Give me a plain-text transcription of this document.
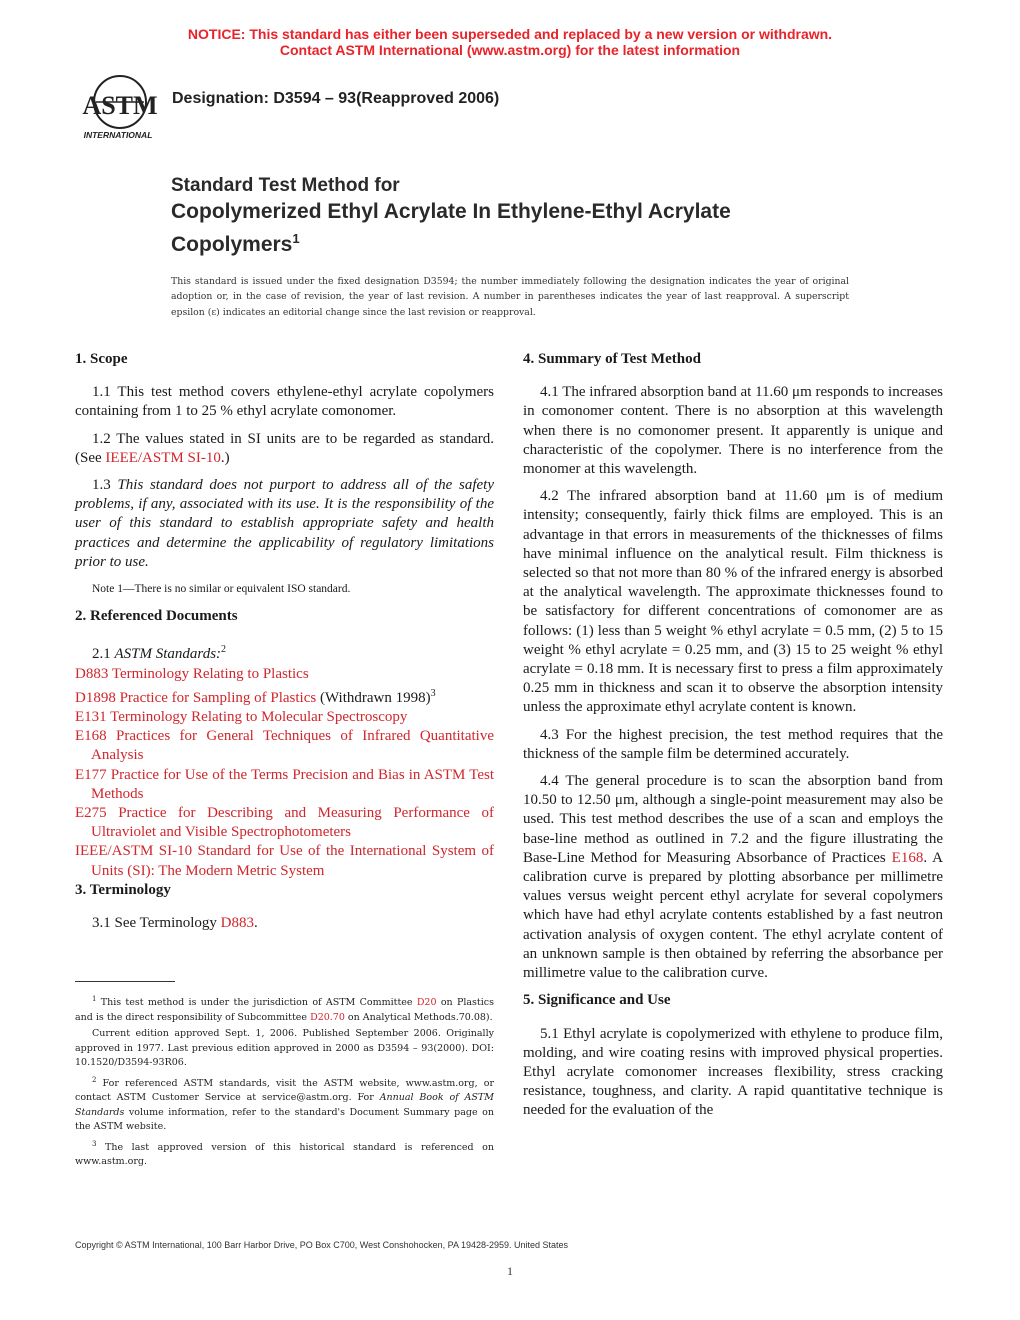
NOTICE: This standard has either been superseded and replaced by a new version or withdrawn.
Contact ASTM International (www.astm.org) for the latest information
ASTM
INTERNATIONAL
Designation: D3594 – 93(Reapproved 2006)
Standard Test Method for
Copolymerized Ethyl Acrylate In Ethylene-Ethyl Acrylate
Copolymers$^1$
This standard is issued under the fixed designation D3594; the number immediately following the designation indicates the year of original adoption or, in the case of revision, the year of last revision. A number in parentheses indicates the year of last reapproval. A superscript epsilon (ε) indicates an editorial change since the last revision or reapproval.
1. Scope

1.1 This test method covers ethylene-ethyl acrylate copolymers containing from 1 to 25 % ethyl acrylate comonomer.

1.2 The values stated in SI units are to be regarded as standard. (See IEEE/ASTM SI-10.)

1.3 This standard does not purport to address all of the safety problems, if any, associated with its use. It is the responsibility of the user of this standard to establish appropriate safety and health practices and determine the applicability of regulatory limitations prior to use.

Note 1—There is no similar or equivalent ISO standard.

2. Referenced Documents

2.1 ASTM Standards:$^2$

D883 Terminology Relating to Plastics
D1898 Practice for Sampling of Plastics (Withdrawn 1998)$^3$
E131 Terminology Relating to Molecular Spectroscopy
E168 Practices for General Techniques of Infrared Quantitative Analysis
E177 Practice for Use of the Terms Precision and Bias in ASTM Test Methods
E275 Practice for Describing and Measuring Performance of Ultraviolet and Visible Spectrophotometers
IEEE/ASTM SI-10 Standard for Use of the International System of Units (SI): The Modern Metric System
3. Terminology

3.1 See Terminology D883.

4. Summary of Test Method

4.1 The infrared absorption band at 11.60 μm responds to increases in comonomer content. There is no absorption at this wavelength when there is no comonomer present. It apparently is unique and characteristic of the copolymer. There is no interference from the monomer at this wavelength.

4.2 The infrared absorption band at 11.60 μm is of medium intensity; consequently, fairly thick films are employed. This is an advantage in that errors in measurements of the thicknesses of films have minimal influence on the analytical result. Film thickness is selected so that not more than 80 % of the infrared energy is absorbed at the analytical wavelength. The approximate thicknesses found to be satisfactory for different concentrations of comonomer are as follows: (1) less than 5 weight % ethyl acrylate = 0.5 mm, (2) 5 to 15 weight % ethyl acrylate = 0.25 mm, and (3) 15 to 25 weight % ethyl acrylate = 0.18 mm. It is necessary first to press a film approximately 0.25 mm in thickness and scan it to observe the absorption intensity unless the approximate ethyl acrylate content is known.

4.3 For the highest precision, the test method requires that the thickness of the sample film be determined accurately.

4.4 The general procedure is to scan the absorption band from 10.50 to 12.50 μm, although a single-point measurement may also be used. This test method describes the use of a scan and employs the base-line method as outlined in 7.2 and the figure illustrating the Base-Line Method for Measuring Absorbance of Practices E168. A calibration curve is prepared by plotting absorbance per millimetre values versus weight percent ethyl acrylate for several copolymers which have had ethyl acrylate contents established by a fast neutron activation analysis of oxygen content. The ethyl acrylate content of an unknown sample is then obtained by referring the absorbance per millimetre value to the calibration curve.

5. Significance and Use

5.1 Ethyl acrylate is copolymerized with ethylene to produce film, molding, and wire coating resins with improved physical properties. Ethyl acrylate comonomer increases flexibility, stress cracking resistance, toughness, and clarity. A rapid quantitative technique is needed for the evaluation of the

$^1$ This test method is under the jurisdiction of ASTM Committee D20 on Plastics and is the direct responsibility of Subcommittee D20.70 on Analytical Methods.70.08).

Current edition approved Sept. 1, 2006. Published September 2006. Originally approved in 1977. Last previous edition approved in 2000 as D3594 – 93(2000). DOI: 10.1520/D3594-93R06.

$^2$ For referenced ASTM standards, visit the ASTM website, www.astm.org, or contact ASTM Customer Service at service@astm.org. For Annual Book of ASTM Standards volume information, refer to the standard's Document Summary page on the ASTM website.

$^3$ The last approved version of this historical standard is referenced on www.astm.org.

Copyright © ASTM International, 100 Barr Harbor Drive, PO Box C700, West Conshohocken, PA 19428-2959. United States
1
